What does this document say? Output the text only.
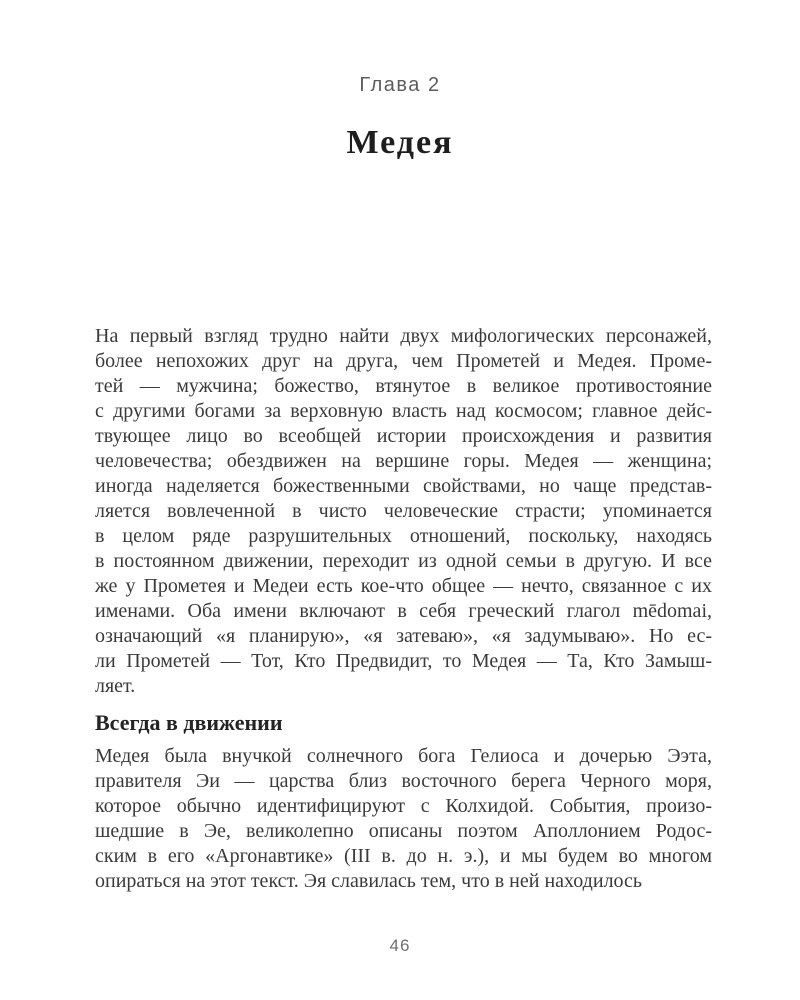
Глава 2
Медея
На первый взгляд трудно найти двух мифологических персонажей,
более непохожих друг на друга, чем Прометей и Медея. Проме-
тей — мужчина; божество, втянутое в великое противостояние
с другими богами за верховную власть над космосом; главное дейс-
твующее лицо во всеобщей истории происхождения и развития
человечества; обездвижен на вершине горы. Медея — женщина;
иногда наделяется божественными свойствами, но чаще представ-
ляется вовлеченной в чисто человеческие страсти; упоминается
в целом ряде разрушительных отношений, поскольку, находясь
в постоянном движении, переходит из одной семьи в другую. И все
же у Прометея и Медеи есть кое-что общее — нечто, связанное с их
именами. Оба имени включают в себя греческий глагол mēdomai,
означающий «я планирую», «я затеваю», «я задумываю». Но ес-
ли Прометей — Тот, Кто Предвидит, то Медея — Та, Кто Замыш-
ляет.
Всегда в движении
Медея была внучкой солнечного бога Гелиоса и дочерью Ээта,
правителя Эи — царства близ восточного берега Черного моря,
которое обычно идентифицируют с Колхидой. События, произо-
шедшие в Эе, великолепно описаны поэтом Аполлонием Родос-
ским в его «Аргонавтике» (III в. до н. э.), и мы будем во многом
опираться на этот текст. Эя славилась тем, что в ней находилось
46
